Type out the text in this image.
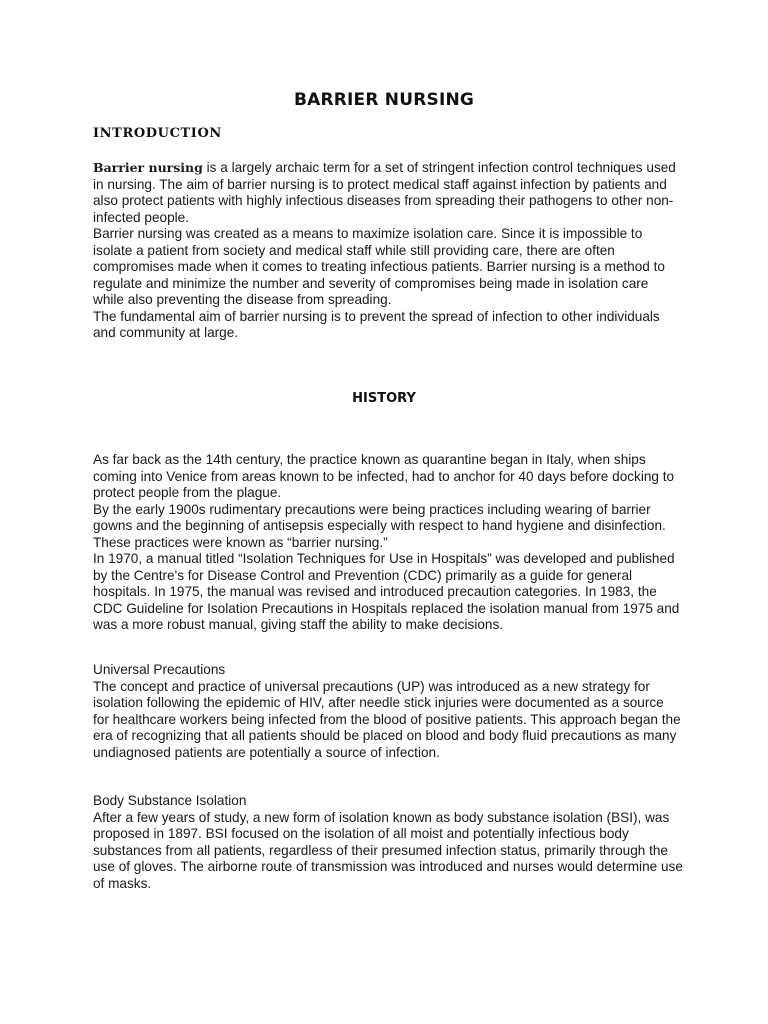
BARRIER NURSING
INTRODUCTION

Barrier nursing is a largely archaic term for a set of stringent infection control techniques used in nursing. The aim of barrier nursing is to protect medical staff against infection by patients and also protect patients with highly infectious diseases from spreading their pathogens to other non-infected people.

Barrier nursing was created as a means to maximize isolation care. Since it is impossible to isolate a patient from society and medical staff while still providing care, there are often compromises made when it comes to treating infectious patients. Barrier nursing is a method to regulate and minimize the number and severity of compromises being made in isolation care while also preventing the disease from spreading.

The fundamental aim of barrier nursing is to prevent the spread of infection to other individuals and community at large.

HISTORY

As far back as the 14th century, the practice known as quarantine began in Italy, when ships coming into Venice from areas known to be infected, had to anchor for 40 days before docking to protect people from the plague.

By the early 1900s rudimentary precautions were being practices including wearing of barrier gowns and the beginning of antisepsis especially with respect to hand hygiene and disinfection. These practices were known as “barrier nursing.”

In 1970, a manual titled “Isolation Techniques for Use in Hospitals” was developed and published by the Centre's for Disease Control and Prevention (CDC) primarily as a guide for general hospitals. In 1975, the manual was revised and introduced precaution categories. In 1983, the CDC Guideline for Isolation Precautions in Hospitals replaced the isolation manual from 1975 and was a more robust manual, giving staff the ability to make decisions.

Universal Precautions

The concept and practice of universal precautions (UP) was introduced as a new strategy for isolation following the epidemic of HIV, after needle stick injuries were documented as a source for healthcare workers being infected from the blood of positive patients. This approach began the era of recognizing that all patients should be placed on blood and body fluid precautions as many undiagnosed patients are potentially a source of infection.

Body Substance Isolation

After a few years of study, a new form of isolation known as body substance isolation (BSI), was proposed in 1897. BSI focused on the isolation of all moist and potentially infectious body substances from all patients, regardless of their presumed infection status, primarily through the use of gloves. The airborne route of transmission was introduced and nurses would determine use of masks.
